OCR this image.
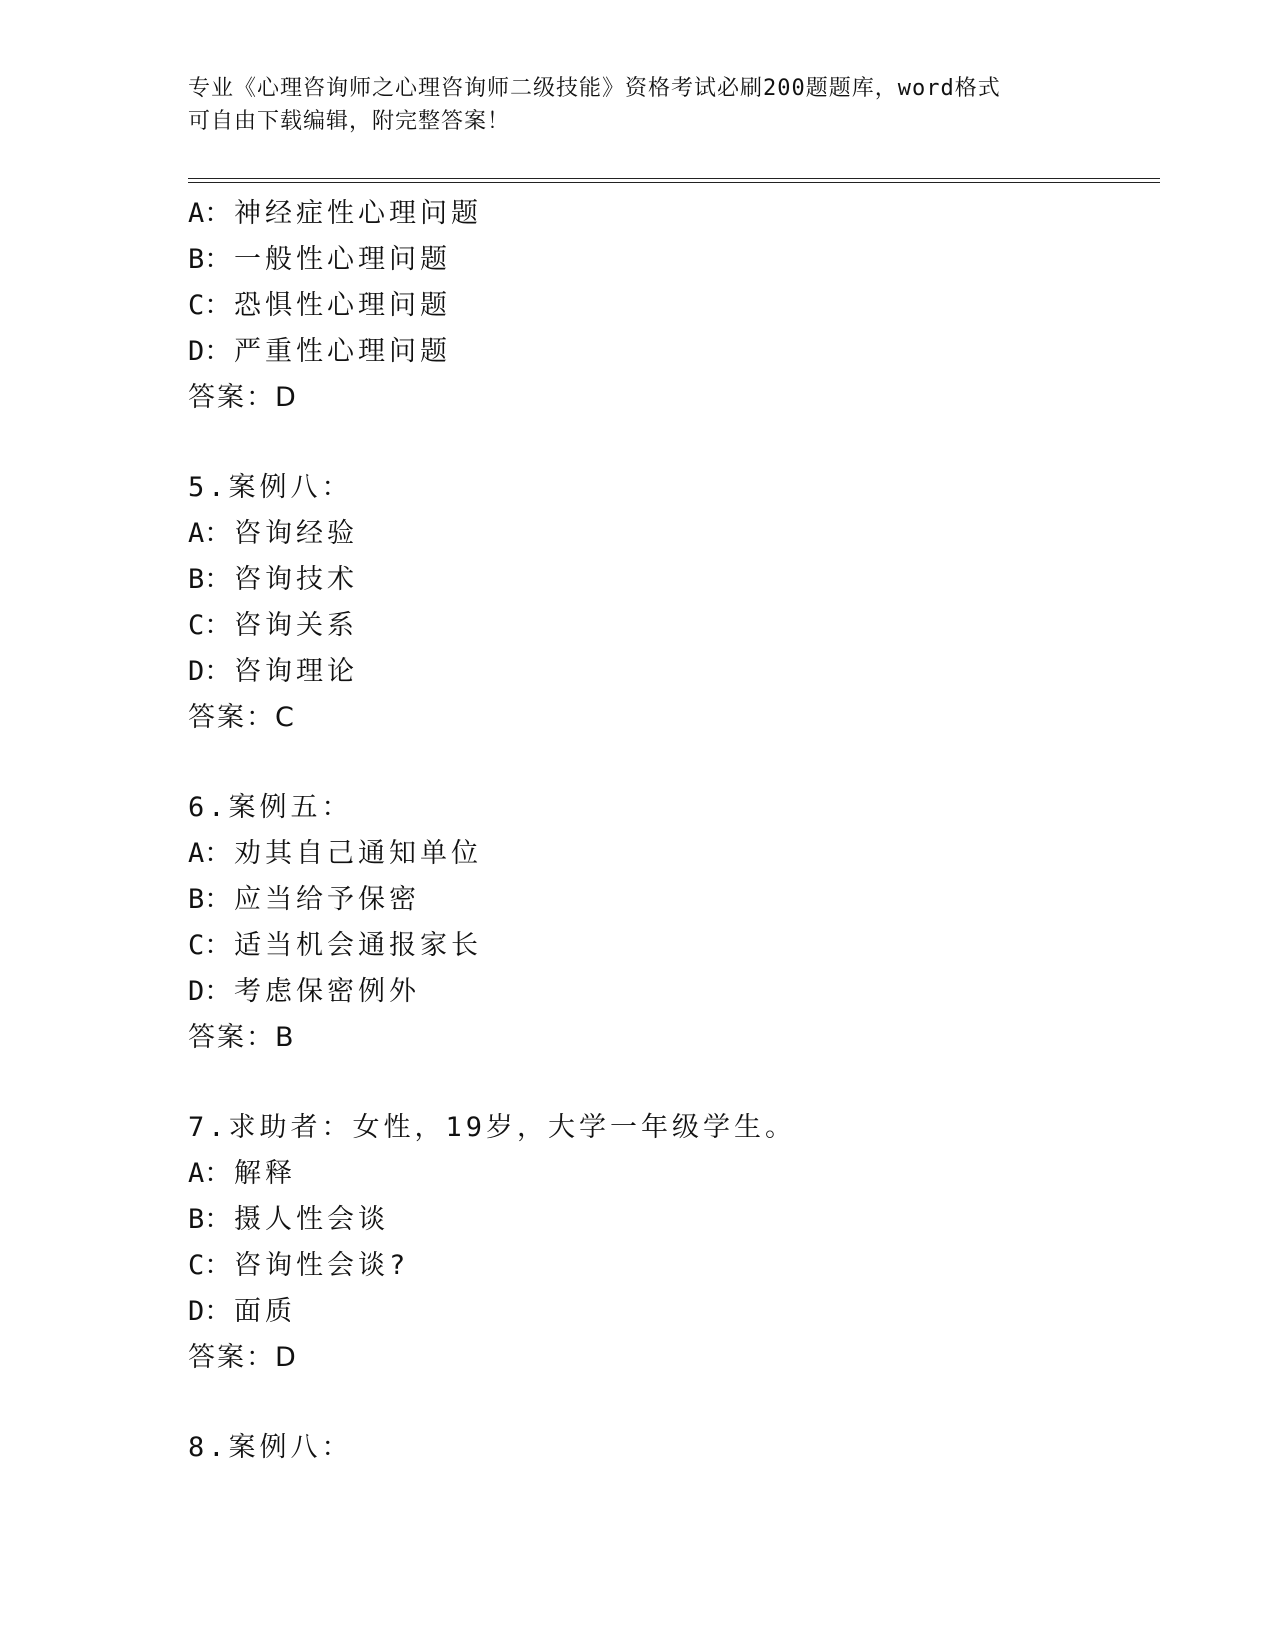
专业《心理咨询师之心理咨询师二级技能》资格考试必刷200题题库，word格式
可自由下载编辑，附完整答案！
A： 神经症性心理问题
B： 一般性心理问题
C： 恐惧性心理问题
D： 严重性心理问题
答案：D
5.案例八：
A： 咨询经验
B： 咨询技术
C： 咨询关系
D： 咨询理论
答案：C
6.案例五：
A： 劝其自己通知单位
B： 应当给予保密
C： 适当机会通报家长
D： 考虑保密例外
答案：B
7.求助者：女性，19岁，大学一年级学生。
A： 解释
B： 摄人性会谈
C： 咨询性会谈?
D： 面质
答案：D
8.案例八：
